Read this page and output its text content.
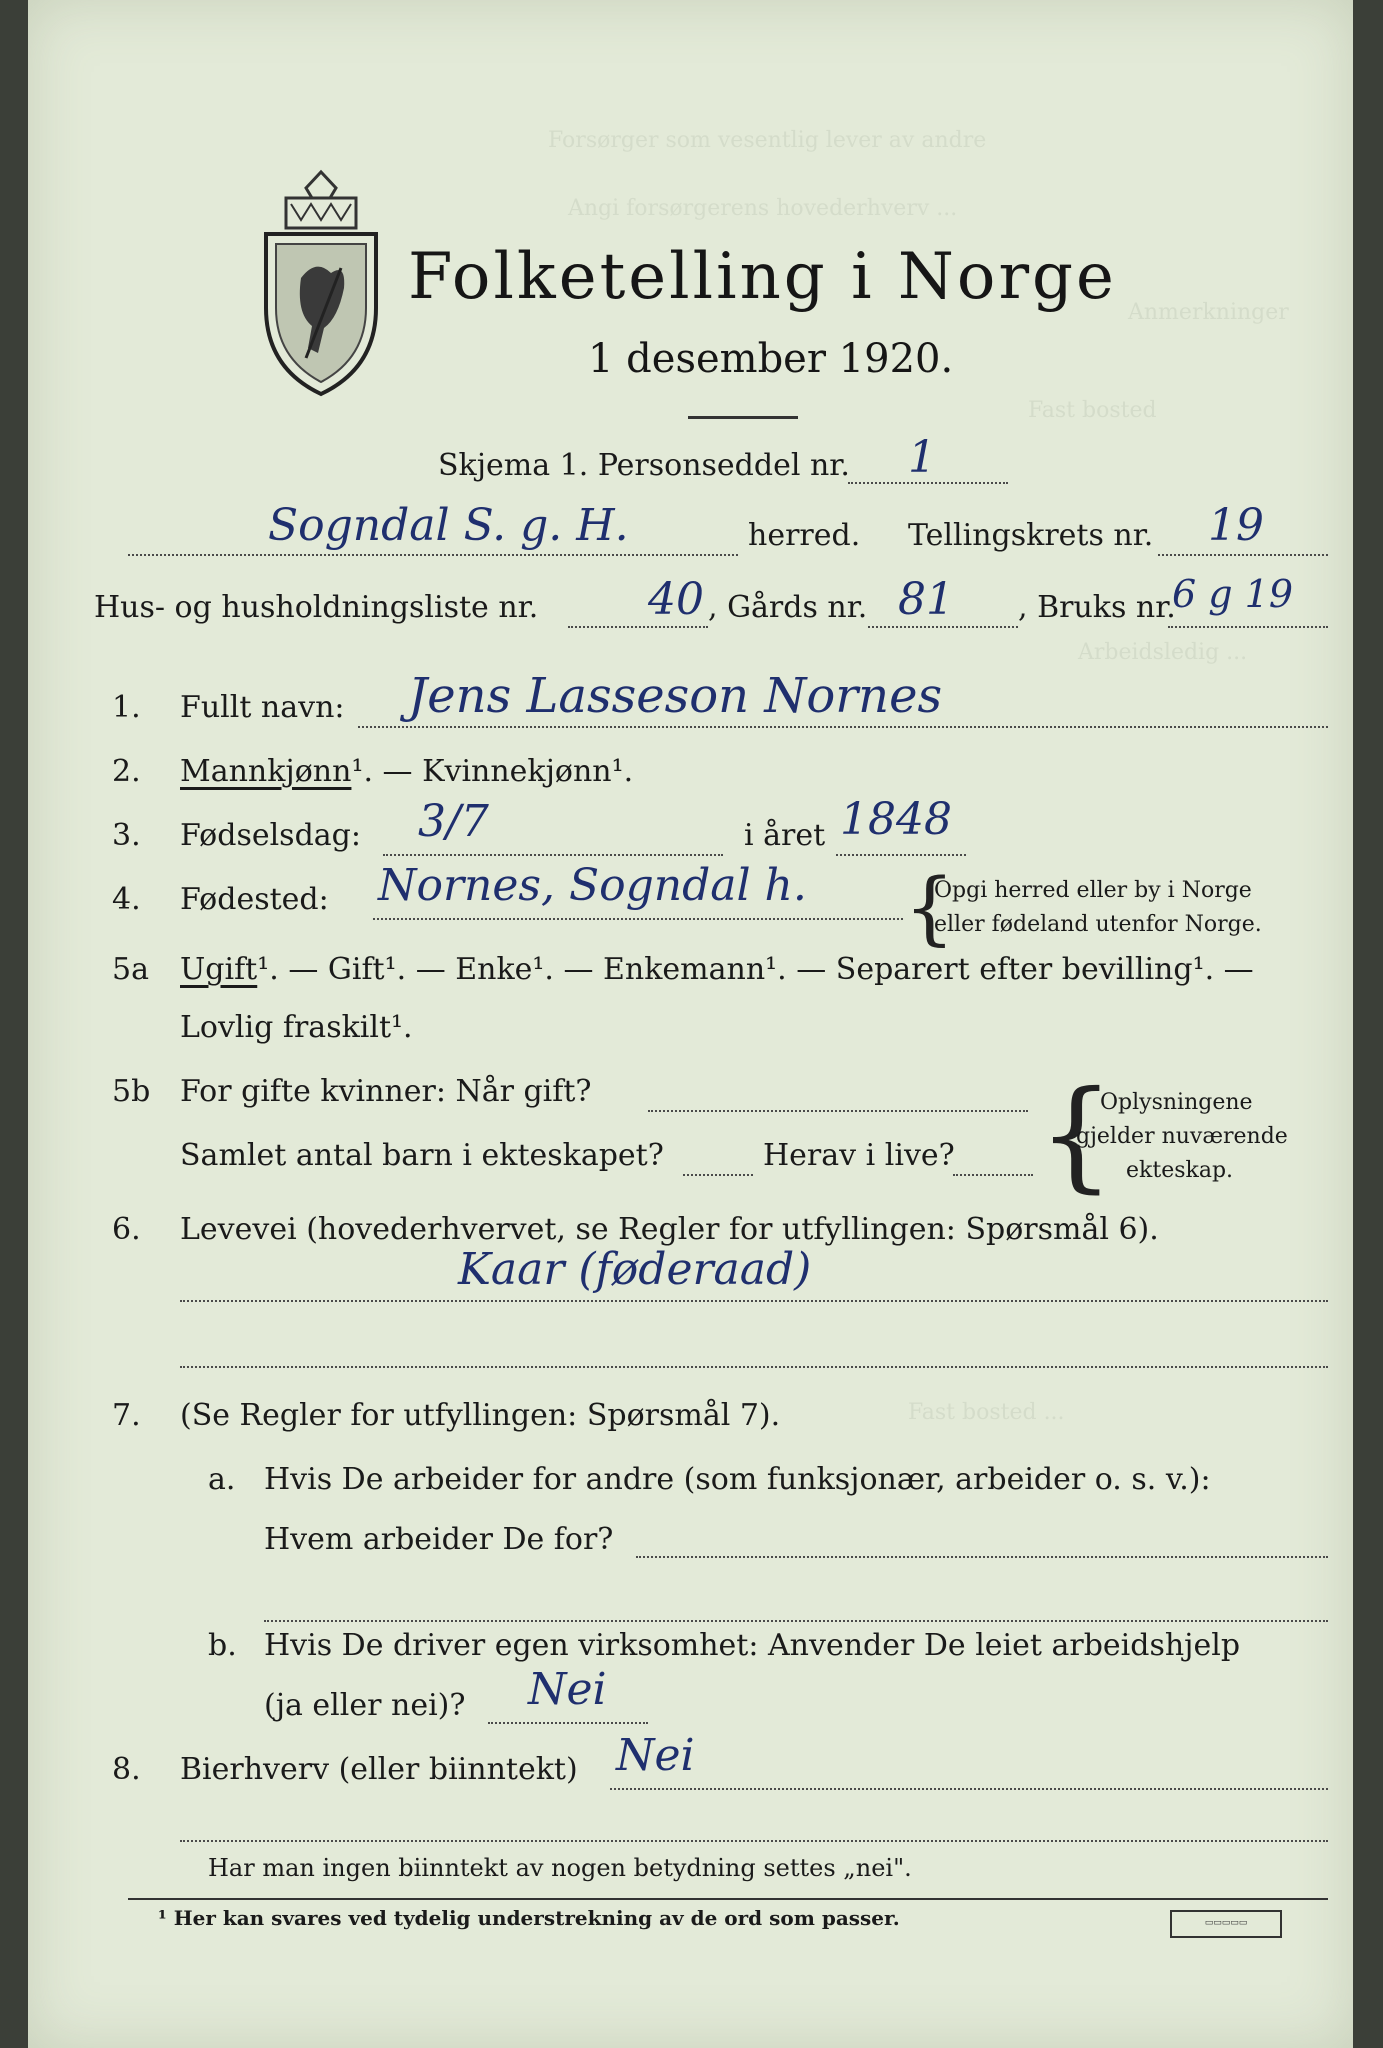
Forsørger som vesentlig lever av andre
Angi forsørgerens hovederhverv ...
Anmerkninger
Fast bosted
Arbeidsledig ...
Fast bosted ...
Folketelling i Norge
1 desember 1920.
Skjema 1. Personseddel nr. 1
Sogndal S. g. H.	herred. Tellingskrets nr. 19
Hus- og husholdningsliste nr. 40 , Gårds nr. 81 , Bruks nr.
6 g 19
1. Fullt navn: Jens Lasseson Nornes
2. Mannkjønn¹. — Kvinnekjønn¹.
3. Fødselsdag: 3/7	i året 1848
4. Fødested: Nornes, Sogndal h. {
Opgi herred eller by i Norge
eller fødeland utenfor Norge.
5a Ugift¹. — Gift¹. — Enke¹. — Enkemann¹. — Separert efter bevilling¹. —
Lovlig fraskilt¹.
5b For gifte kvinner: Når gift?
Samlet antal barn i ekteskapet?	Herav i live? {
Oplysningene
gjelder nuværende
ekteskap.
6. Levevei (hovederhvervet, se Regler for utfyllingen: Spørsmål 6).
Kaar (føderaad)
7. (Se Regler for utfyllingen: Spørsmål 7).
a. Hvis De arbeider for andre (som funksjonær, arbeider o. s. v.):
Hvem arbeider De for?
b. Hvis De driver egen virksomhet: Anvender De leiet arbeidshjelp
(ja eller nei)? Nei
8. Bierhverv (eller biinntekt) Nei
Har man ingen biinntekt av nogen betydning settes „nei".
¹ Her kan svares ved tydelig understrekning av de ord som passer.	▭▭▭▭▭
